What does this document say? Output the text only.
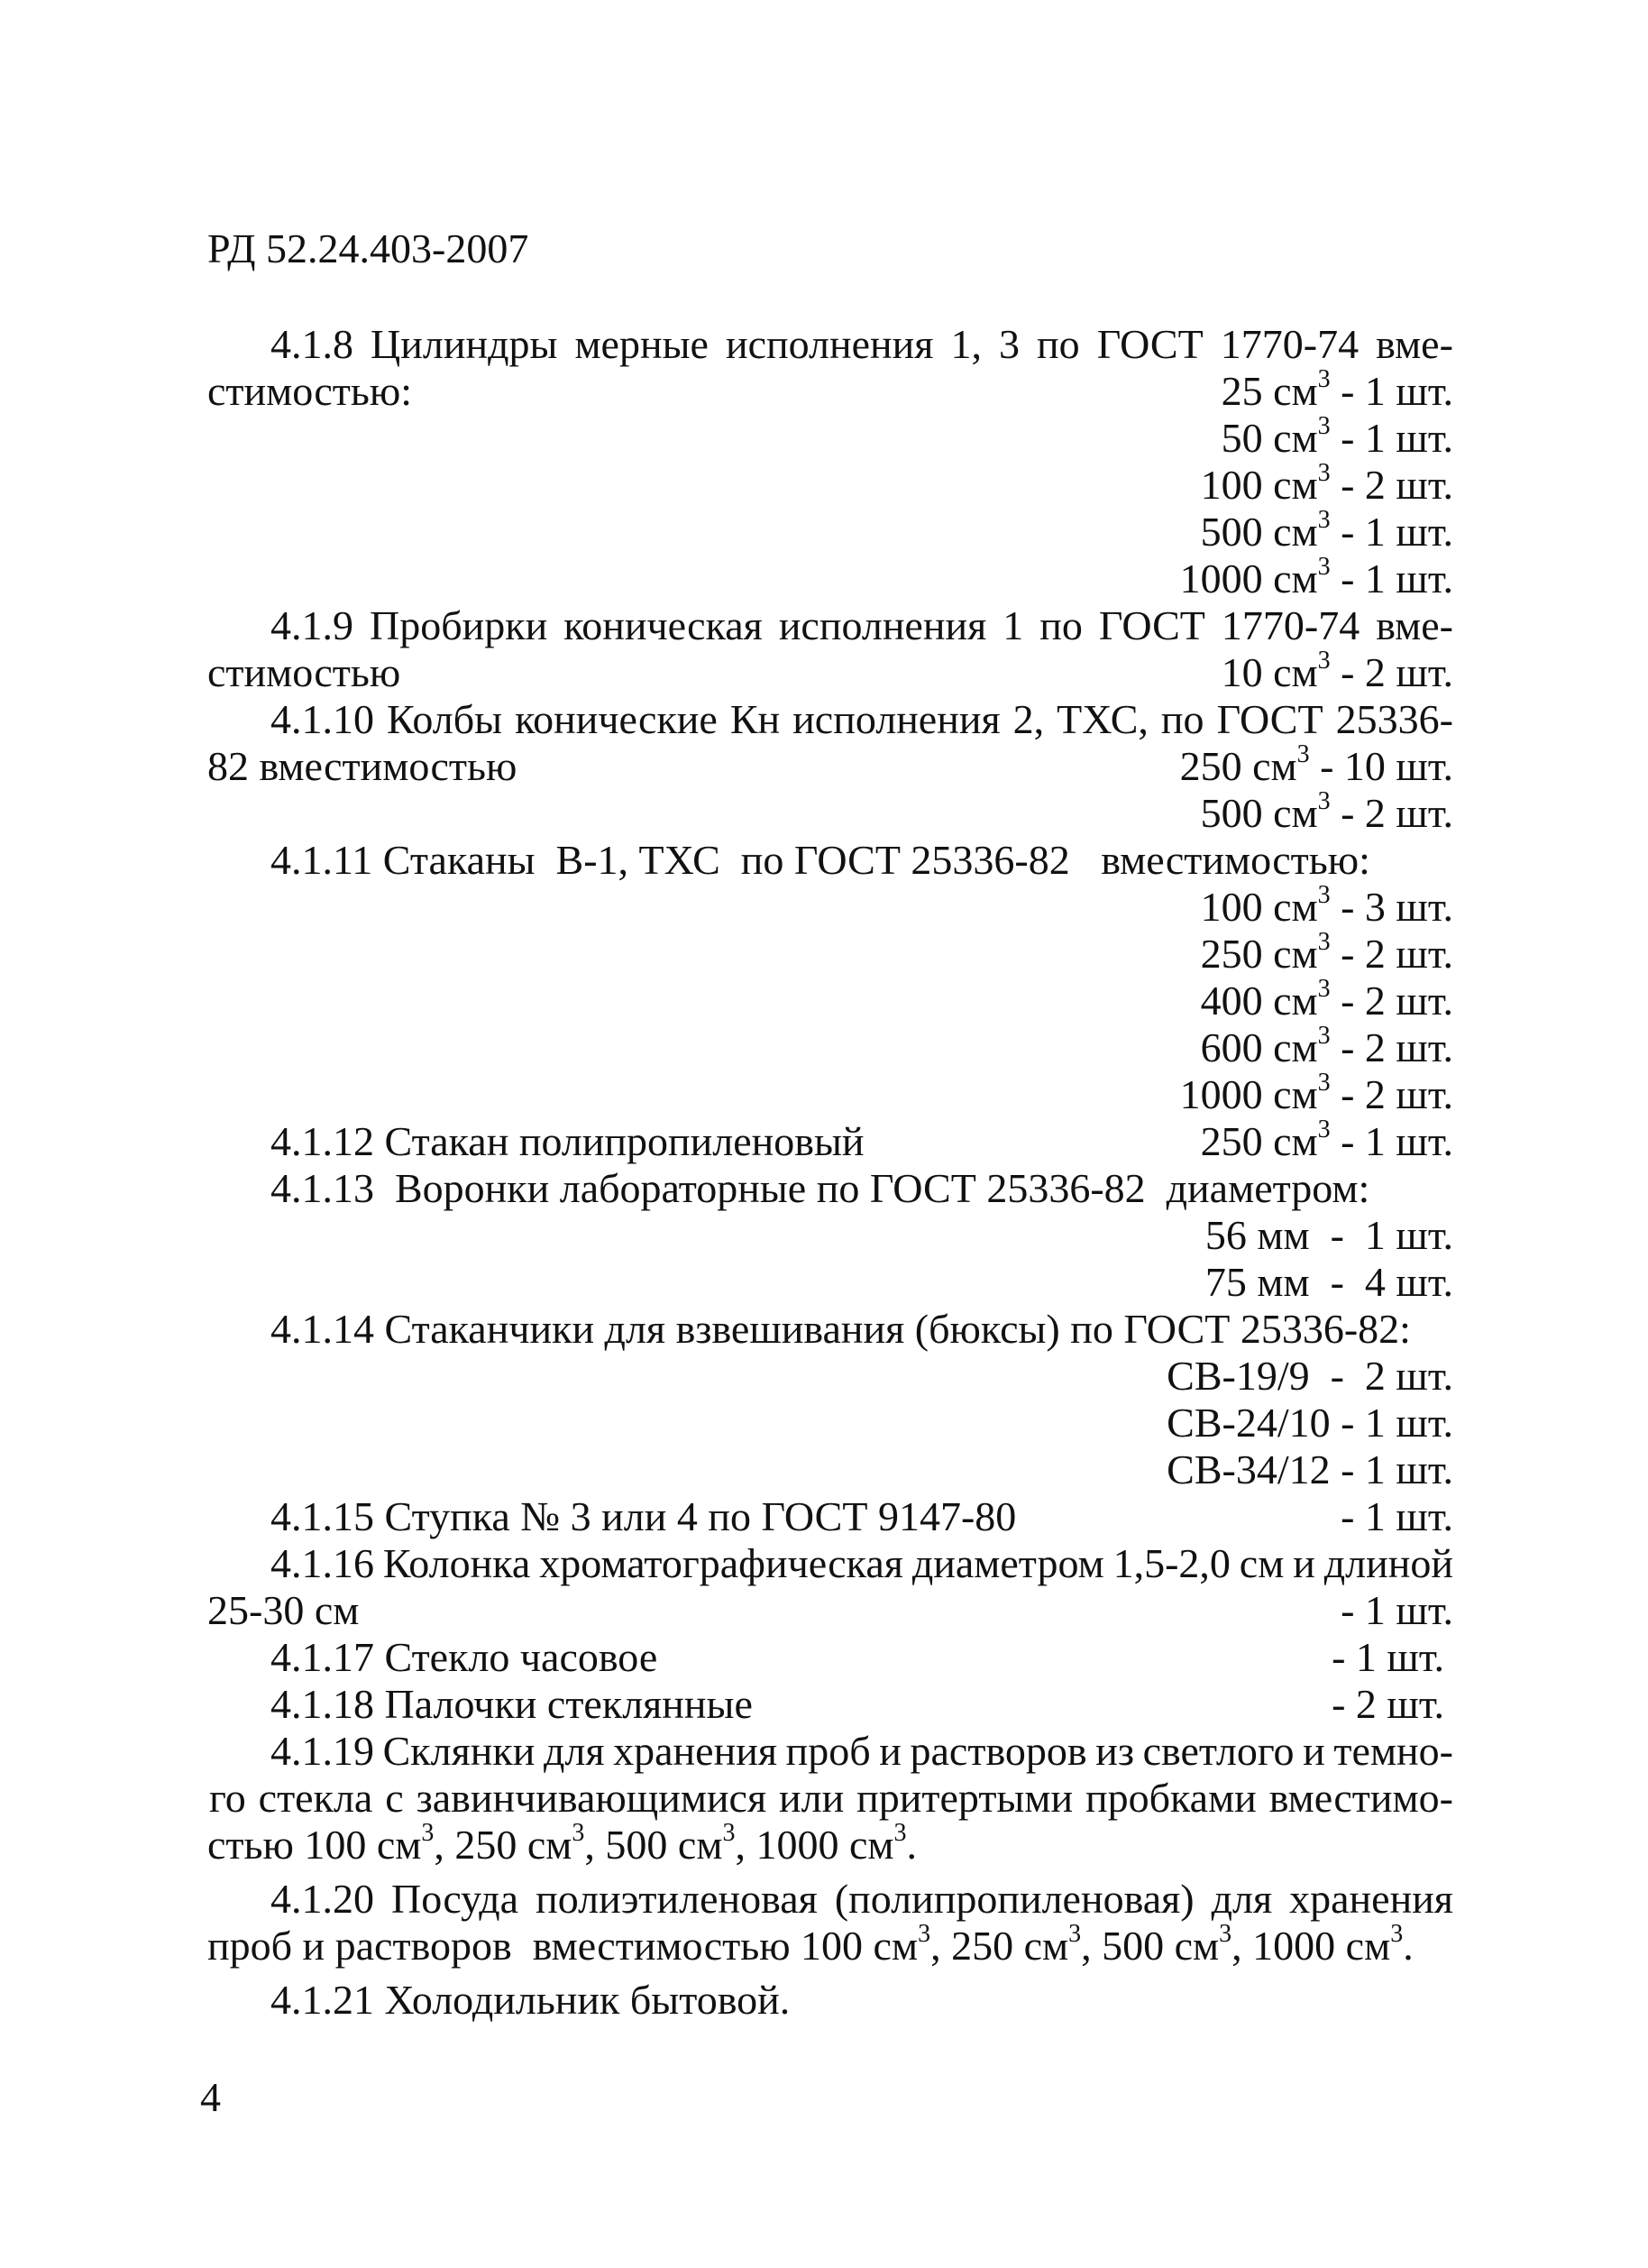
РД 52.24.403-2007
4.1.8 Цилиндры мерные исполнения 1, 3 по ГОСТ 1770-74 вме-
стимостью:	25 $см^3 - 1$ шт.
50 $см^3 - 1$ шт.
100 $см^3 - 2$ шт.
500 $см^3 - 1$ шт.
1000 $см^3 - 1$ шт.
4.1.9 Пробирки коническая исполнения 1 по ГОСТ 1770-74 вме-
стимостью	10 $см^3 - 2$ шт.
4.1.10 Колбы конические Кн исполнения 2, ТХС, по ГОСТ 25336-
82 вместимостью	250 $см^3 - 10$ шт.
500 $см^3 - 2$ шт.
4.1.11 Стаканы  В-1, ТХС  по ГОСТ 25336-82   вместимостью:
100 $см^3 - 3$ шт.
250 $см^3 - 2$ шт.
400 $см^3 - 2$ шт.
600 $см^3 - 2$ шт.
1000 $см^3 - 2$ шт.
4.1.12 Стакан полипропиленовый	250 $см^3 - 1$ шт.
4.1.13  Воронки лабораторные по ГОСТ 25336-82  диаметром:
56 мм  -  1 шт.
75 мм  -  4 шт.
4.1.14 Стаканчики для взвешивания (бюксы) по ГОСТ 25336-82:
СВ-19/9  -  2 шт.
СВ-24/10 - 1 шт.
СВ-34/12 - 1 шт.
4.1.15 Ступка № 3 или 4 по ГОСТ 9147-80	- 1 шт.
4.1.16 Колонка хроматографическая диаметром 1,5-2,0 см и длиной
25-30 см	- 1 шт.
4.1.17 Стекло часовое	- 1 шт.
4.1.18 Палочки стеклянные	- 2 шт.
4.1.19 Склянки для хранения проб и растворов из светлого и темно-
го стекла с завинчивающимися или притертыми пробками вместимо-
стью 100 $см^3$, 250 $см^3$, 500 $см^3$, 1000 $см^3$.
4.1.20 Посуда полиэтиленовая (полипропиленовая) для хранения
проб и растворов  вместимостью 100 $см^3$, 250 $см^3$, 500 $см^3$, 1000 $см^3$.
4.1.21 Холодильник бытовой.
4
